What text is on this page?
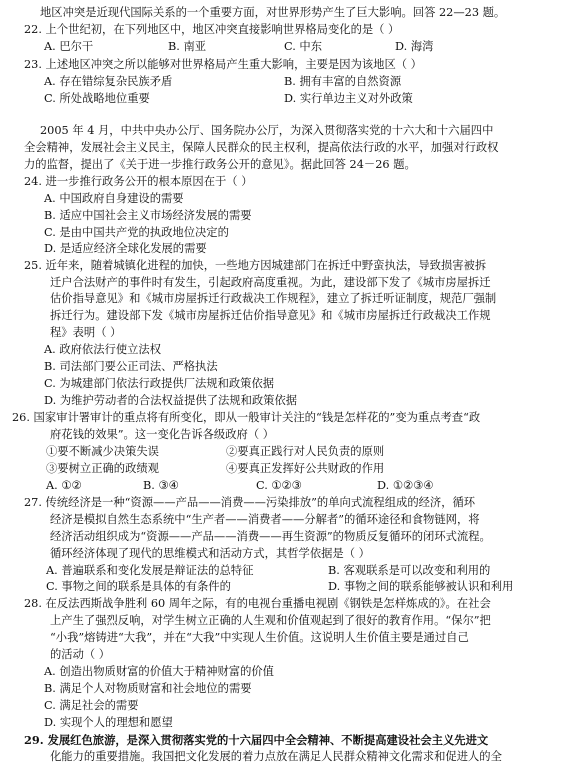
地区冲突是近现代国际关系的一个重要方面，对世界形势产生了巨大影响。回答 22—23 题。
22. 上个世纪初，在下列地区中，地区冲突直接影响世界格局变化的是（ ）
A. 巴尔干	B. 南亚	C. 中东	D. 海湾
23. 上述地区冲突之所以能够对世界格局产生重大影响，主要是因为该地区（ ）
A. 存在错综复杂民族矛盾	B. 拥有丰富的自然资源
C. 所处战略地位重要	D. 实行单边主义对外政策
2005 年 4 月，中共中央办公厅、国务院办公厅，为深入贯彻落实党的十六大和十六届四中
全会精神，发展社会主义民主，保障人民群众的民主权利，提高依法行政的水平，加强对行政权
力的监督，提出了《关于进一步推行政务公开的意见》。据此回答 24－26 题。
24. 进一步推行政务公开的根本原因在于（ ）
A. 中国政府自身建设的需要
B. 适应中国社会主义市场经济发展的需要
C. 是由中国共产党的执政地位决定的
D. 是适应经济全球化发展的需要
25. 近年来，随着城镇化进程的加快，一些地方因城建部门在拆迁中野蛮执法，导致损害被拆
迁户合法财产的事件时有发生，引起政府高度重视。为此，建设部下发了《城市房屋拆迁
估价指导意见》和《城市房屋拆迁行政裁决工作规程》，建立了拆迁听证制度，规范厂强制
拆迁行为。建设部下发《城市房屋拆迁估价指导意见》和《城市房屋拆迁行政裁决工作规
程》表明（ ）
A. 政府依法行使立法权
B. 司法部门要公正司法、严格执法
C. 为城建部门依法行政提供厂法规和政策依据
D. 为维护劳动者的合法权益提供了法规和政策依据
26. 国家审计署审计的重点将有所变化，即从一般审计关注的“钱是怎样花的”变为重点考查“政
府花钱的效果”。这一变化告诉各级政府（ ）
①要不断减少决策失误	②要真正践行对人民负责的原则
③要树立正确的政绩观	④要真正发挥好公共财政的作用
A. ①②	B. ③④	C. ①②③	D. ①②③④
27. 传统经济是一种“资源——产品——消费——污染排放”的单向式流程组成的经济，循环
经济是模拟自然生态系统中“生产者——消费者——分解者”的循环途径和食物链网，将
经济活动组织成为“资源——产品——消费——再生资源”的物质反复循环的闭环式流程。
循环经济体现了现代的思维模式和活动方式，其哲学依据是（ ）
A. 普遍联系和变化发展是辩证法的总特征	B. 客观联系是可以改变和利用的
C. 事物之间的联系是具体的有条件的	D. 事物之间的联系能够被认识和利用
28. 在反法西斯战争胜利 60 周年之际，有的电视台重播电视剧《钢铁是怎样炼成的》。在社会
上产生了强烈反响，对学生树立正确的人生观和价值观起到了很好的教育作用。“保尔”把
“小我”熔铸进“大我”，并在“大我”中实现人生价值。这说明人生价值主要是通过自己
的活动（ ）
A. 创造出物质财富的价值大于精神财富的价值
B. 满足个人对物质财富和社会地位的需要
C. 满足社会的需要
D. 实现个人的理想和愿望
29. 发展红色旅游，是深入贯彻落实党的十六届四中全会精神、不断提高建设社会主义先进文
化能力的重要措施。我国把文化发展的着力点放在满足人民群众精神文化需求和促进人的全
